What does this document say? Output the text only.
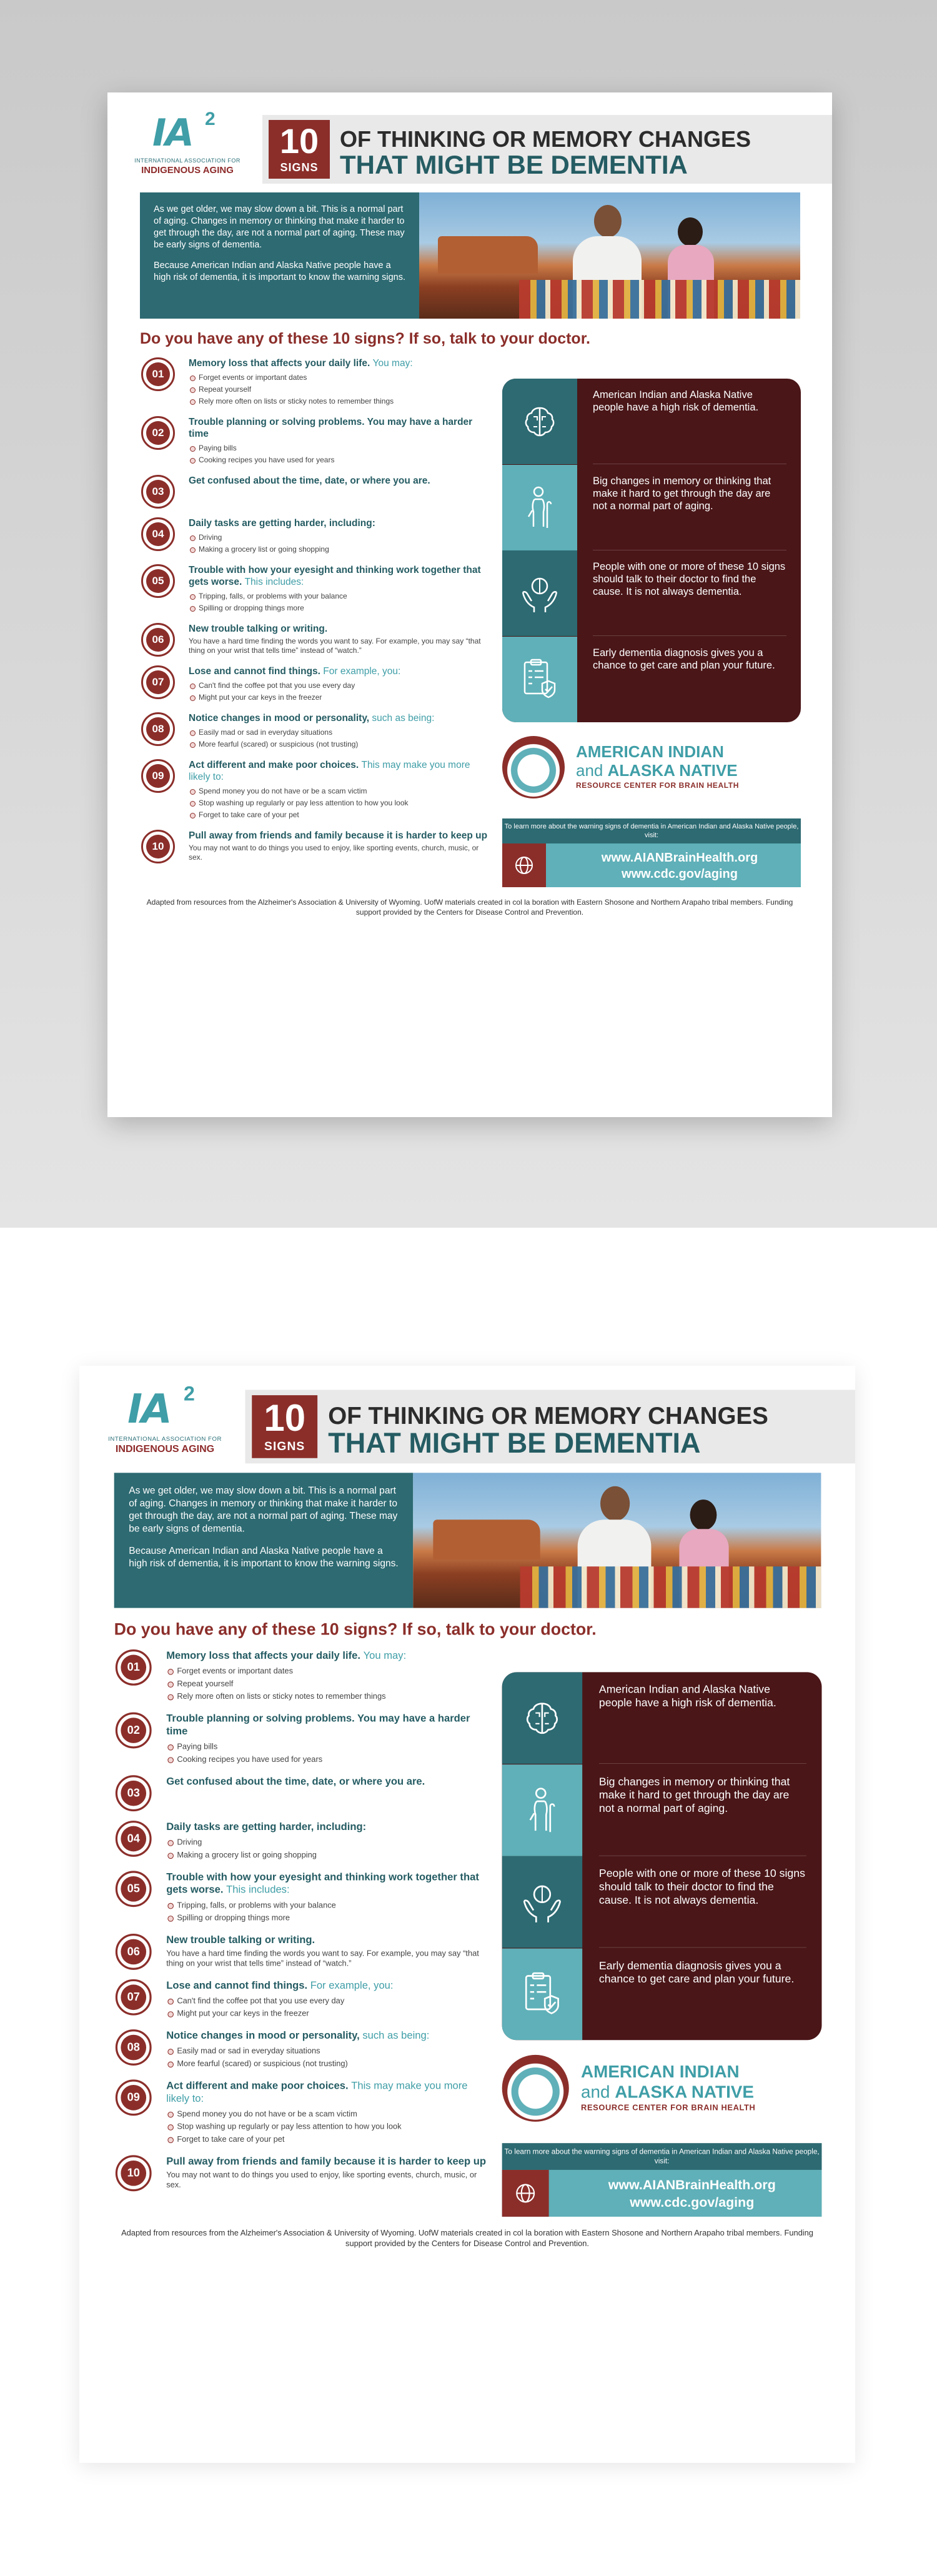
IA 2
INTERNATIONAL ASSOCIATION FOR
INDIGENOUS AGING
10
SIGNS
OF THINKING OR MEMORY CHANGES
THAT MIGHT BE DEMENTIA

As we get older, we may slow down a bit. This is a normal part of aging. Changes in memory or thinking that make it harder to get through the day, are not a normal part of aging. These may be early signs of dementia.

Because American Indian and Alaska Native people have a high risk of dementia, it is important to know the warning signs.

Do you have any of these 10 signs? If so, talk to your doctor.
01
Memory loss that affects your daily life. You may:
Forget events or important dates
Repeat yourself
Rely more often on lists or sticky notes to remember things
02
Trouble planning or solving problems. You may have a harder time
Paying bills
Cooking recipes you have used for years
03
Get confused about the time, date, or where you are.
04
Daily tasks are getting harder, including:
Driving
Making a grocery list or going shopping
05
Trouble with how your eyesight and thinking work together that gets worse. This includes:
Tripping, falls, or problems with your balance
Spilling or dropping things more
06
New trouble talking or writing.
You have a hard time finding the words you want to say. For example, you may say “that thing on your wrist that tells time” instead of “watch.”
07
Lose and cannot find things. For example, you:
Can't find the coffee pot that you use every day
Might put your car keys in the freezer
08
Notice changes in mood or personality, such as being:
Easily mad or sad in everyday situations
More fearful (scared) or suspicious (not trusting)
09
Act different and make poor choices. This may make you more likely to:
Spend money you do not have or be a scam victim
Stop washing up regularly or pay less attention to how you look
Forget to take care of your pet
10
Pull away from friends and family because it is harder to keep up
You may not want to do things you used to enjoy, like sporting events, church, music, or sex.
American Indian and Alaska Native people have a high risk of dementia.
Big changes in memory or thinking that make it hard to get through the day are not a normal part of aging.
People with one or more of these 10 signs should talk to their doctor to find the cause. It is not always dementia.
Early dementia diagnosis gives you a chance to get care and plan your future.
AMERICAN INDIAN
and ALASKA NATIVE
RESOURCE CENTER FOR BRAIN HEALTH
To learn more about the warning signs of dementia in American Indian and Alaska Native people, visit:
www.AIANBrainHealth.org
www.cdc.gov/aging
Adapted from resources from the Alzheimer's Association & University of Wyoming. UofW materials created in col la boration with Eastern Shosone and Northern Arapaho tribal members. Funding support provided by the Centers for Disease Control and Prevention.
IA 2
INTERNATIONAL ASSOCIATION FOR
INDIGENOUS AGING
10
SIGNS
OF THINKING OR MEMORY CHANGES
THAT MIGHT BE DEMENTIA

As we get older, we may slow down a bit. This is a normal part of aging. Changes in memory or thinking that make it harder to get through the day, are not a normal part of aging. These may be early signs of dementia.

Because American Indian and Alaska Native people have a high risk of dementia, it is important to know the warning signs.

Do you have any of these 10 signs? If so, talk to your doctor.
01
Memory loss that affects your daily life. You may:
Forget events or important dates
Repeat yourself
Rely more often on lists or sticky notes to remember things
02
Trouble planning or solving problems. You may have a harder time
Paying bills
Cooking recipes you have used for years
03
Get confused about the time, date, or where you are.
04
Daily tasks are getting harder, including:
Driving
Making a grocery list or going shopping
05
Trouble with how your eyesight and thinking work together that gets worse. This includes:
Tripping, falls, or problems with your balance
Spilling or dropping things more
06
New trouble talking or writing.
You have a hard time finding the words you want to say. For example, you may say “that thing on your wrist that tells time” instead of “watch.”
07
Lose and cannot find things. For example, you:
Can't find the coffee pot that you use every day
Might put your car keys in the freezer
08
Notice changes in mood or personality, such as being:
Easily mad or sad in everyday situations
More fearful (scared) or suspicious (not trusting)
09
Act different and make poor choices. This may make you more likely to:
Spend money you do not have or be a scam victim
Stop washing up regularly or pay less attention to how you look
Forget to take care of your pet
10
Pull away from friends and family because it is harder to keep up
You may not want to do things you used to enjoy, like sporting events, church, music, or sex.
American Indian and Alaska Native people have a high risk of dementia.
Big changes in memory or thinking that make it hard to get through the day are not a normal part of aging.
People with one or more of these 10 signs should talk to their doctor to find the cause. It is not always dementia.
Early dementia diagnosis gives you a chance to get care and plan your future.
AMERICAN INDIAN
and ALASKA NATIVE
RESOURCE CENTER FOR BRAIN HEALTH
To learn more about the warning signs of dementia in American Indian and Alaska Native people, visit:
www.AIANBrainHealth.org
www.cdc.gov/aging
Adapted from resources from the Alzheimer's Association & University of Wyoming. UofW materials created in col la boration with Eastern Shosone and Northern Arapaho tribal members. Funding support provided by the Centers for Disease Control and Prevention.
